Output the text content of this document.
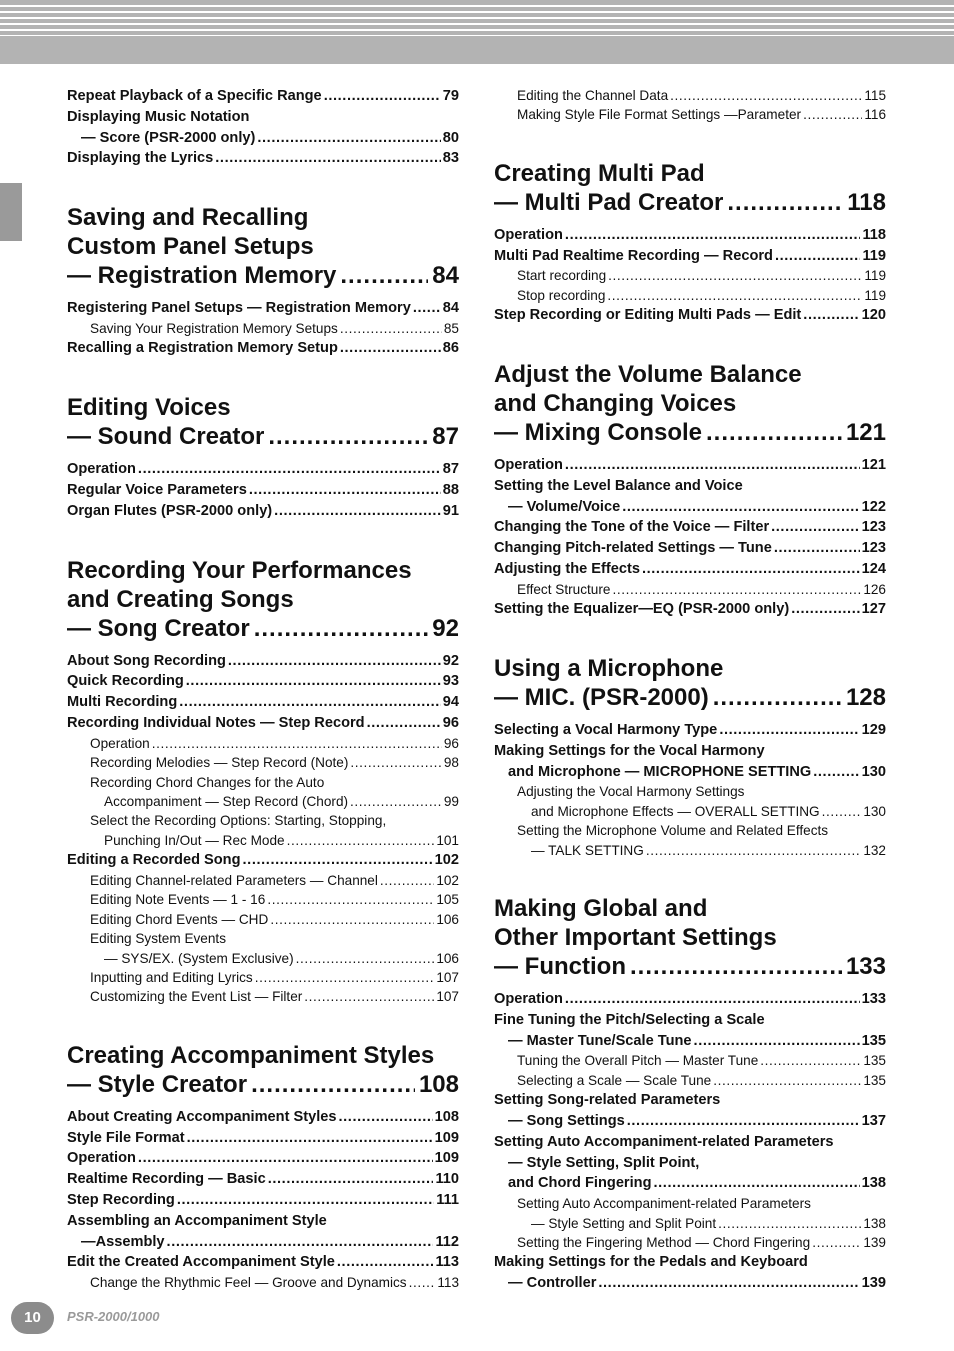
Repeat Playback of a Specific Range .....	79
Displaying Music Notation
— Score (PSR-2000 only) .....	80
Displaying the Lyrics .....	83
Saving and Recalling
Custom Panel Setups
— Registration Memory .....	84
Registering Panel Setups — Registration Memory ..... 84
Saving Your Registration Memory Setups .....	85
Recalling a Registration Memory Setup .....	86
Editing Voices
— Sound Creator .....	87
Operation .....	87
Regular Voice Parameters .....	88
Organ Flutes (PSR-2000 only) .....	91
Recording Your Performances
and Creating Songs
— Song Creator .....	92
About Song Recording .....	92
Quick Recording .....	93
Multi Recording .....	94
Recording Individual Notes — Step Record .....	96
Operation .....	96
Recording Melodies — Step Record (Note) .....	98
Recording Chord Changes for the Auto
Accompaniment — Step Record (Chord) .....	99
Select the Recording Options: Starting, Stopping,
Punching In/Out — Rec Mode .....	101
Editing a Recorded Song .....	102
Editing Channel-related Parameters — Channel .....	102
Editing Note Events — 1 - 16 .....	105
Editing Chord Events — CHD .....	106
Editing System Events
— SYS/EX. (System Exclusive) .....	106
Inputting and Editing Lyrics .....	107
Customizing the Event List — Filter .....	107
Creating Accompaniment Styles
— Style Creator .....	108
About Creating Accompaniment Styles .....	108
Style File Format .....	109
Operation .....	109
Realtime Recording — Basic .....	110
Step Recording .....	111
Assembling an Accompaniment Style
—Assembly .....	112
Edit the Created Accompaniment Style .....	113
Change the Rhythmic Feel — Groove and Dynamics ..... 113
Editing the Channel Data .....	115
Making Style File Format Settings —Parameter .....	116
Creating Multi Pad
— Multi Pad Creator .....	118
Operation .....	118
Multi Pad Realtime Recording — Record .....	119
Start recording .....	119
Stop recording .....	119
Step Recording or Editing Multi Pads — Edit .....	120
Adjust the Volume Balance
and Changing Voices
— Mixing Console .....	121
Operation .....	121
Setting the Level Balance and Voice
— Volume/Voice .....	122
Changing the Tone of the Voice — Filter .....	123
Changing Pitch-related Settings — Tune .....	123
Adjusting the Effects .....	124
Effect Structure .....	126
Setting the Equalizer—EQ (PSR-2000 only) .....	127
Using a Microphone
— MIC. (PSR-2000) .....	128
Selecting a Vocal Harmony Type .....	129
Making Settings for the Vocal Harmony
and Microphone — MICROPHONE SETTING .....	130
Adjusting the Vocal Harmony Settings
and Microphone Effects — OVERALL SETTING .....	130
Setting the Microphone Volume and Related Effects
— TALK SETTING .....	132
Making Global and
Other Important Settings
— Function .....	133
Operation .....	133
Fine Tuning the Pitch/Selecting a Scale
— Master Tune/Scale Tune .....	135
Tuning the Overall Pitch — Master Tune .....	135
Selecting a Scale — Scale Tune .....	135
Setting Song-related Parameters
— Song Settings .....	137
Setting Auto Accompaniment-related Parameters
— Style Setting, Split Point,
and Chord Fingering .....	138
Setting Auto Accompaniment-related Parameters
— Style Setting and Split Point .....	138
Setting the Fingering Method — Chord Fingering .....	139
Making Settings for the Pedals and Keyboard
— Controller .....	139
10	PSR-2000/1000
